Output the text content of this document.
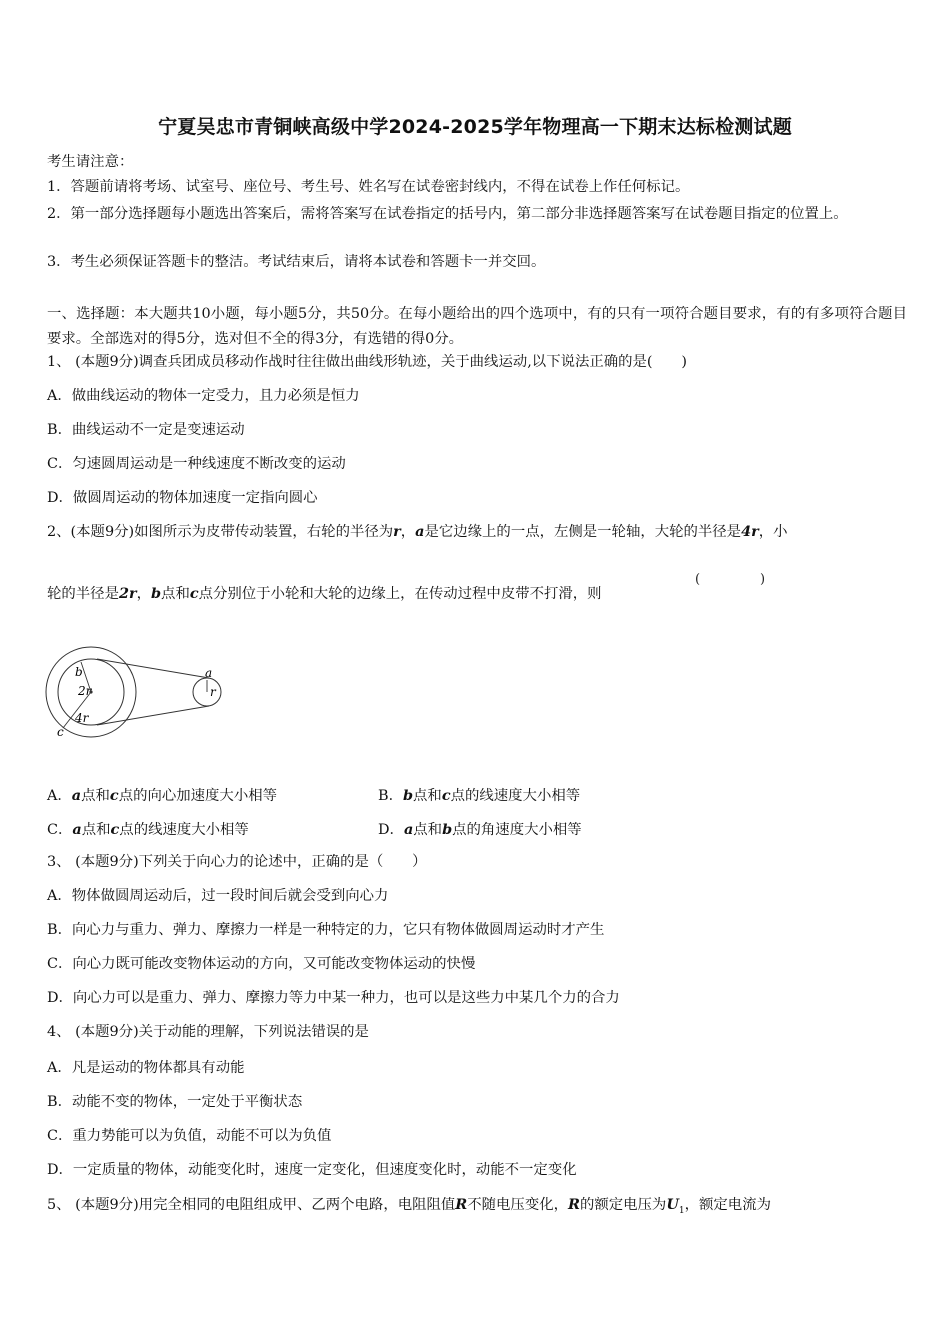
宁夏吴忠市青铜峡高级中学2024-2025学年物理高一下期末达标检测试题
考生请注意：
1．答题前请将考场、试室号、座位号、考生号、姓名写在试卷密封线内，不得在试卷上作任何标记。
2．第一部分选择题每小题选出答案后，需将答案写在试卷指定的括号内，第二部分非选择题答案写在试卷题目指定的位置上。
3．考生必须保证答题卡的整洁。考试结束后，请将本试卷和答题卡一并交回。
一、选择题：本大题共10小题，每小题5分，共50分。在每小题给出的四个选项中，有的只有一项符合题目要求，有的有多项符合题目要求。全部选对的得5分，选对但不全的得3分，有选错的得0分。
1、 (本题9分)调查兵团成员移动作战时往往做出曲线形轨迹，关于曲线运动,以下说法正确的是(　　)
A．做曲线运动的物体一定受力，且力必须是恒力
B．曲线运动不一定是变速运动
C．匀速圆周运动是一种线速度不断改变的运动
D．做圆周运动的物体加速度一定指向圆心
2、(本题9分)如图所示为皮带传动装置，右轮的半径为r，a是它边缘上的一点，左侧是一轮轴，大轮的半径是4r，小
轮的半径是2r，b点和c点分别位于小轮和大轮的边缘上，在传动过程中皮带不打滑，则
(	)
b
2r
4r
c
a
r
A．a点和c点的向心加速度大小相等	B．b点和c点的线速度大小相等
C．a点和c点的线速度大小相等	D．a点和b点的角速度大小相等
3、 (本题9分)下列关于向心力的论述中，正确的是（　　）
A．物体做圆周运动后，过一段时间后就会受到向心力
B．向心力与重力、弹力、摩擦力一样是一种特定的力，它只有物体做圆周运动时才产生
C．向心力既可能改变物体运动的方向，又可能改变物体运动的快慢
D．向心力可以是重力、弹力、摩擦力等力中某一种力，也可以是这些力中某几个力的合力
4、 (本题9分)关于动能的理解，下列说法错误的是
A．凡是运动的物体都具有动能
B．动能不变的物体，一定处于平衡状态
C．重力势能可以为负值，动能不可以为负值
D．一定质量的物体，动能变化时，速度一定变化，但速度变化时，动能不一定变化
5、 (本题9分)用完全相同的电阻组成甲、乙两个电路，电阻阻值R不随电压变化，R的额定电压为$U_1$，额定电流为
